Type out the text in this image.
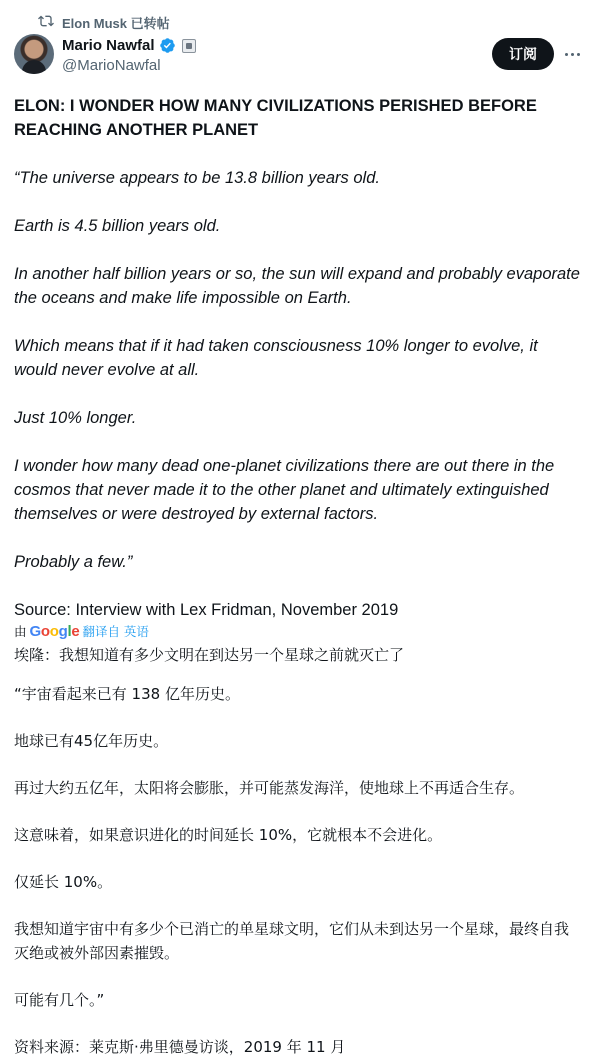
Elon Musk 已转帖
Mario Nawfal
@MarioNawfal
订阅

ELON: I WONDER HOW MANY CIVILIZATIONS PERISHED BEFORE REACHING ANOTHER PLANET

“The universe appears to be 13.8 billion years old.

Earth is 4.5 billion years old.

In another half billion years or so, the sun will expand and probably evaporate the oceans and make life impossible on Earth.

Which means that if it had taken consciousness 10% longer to evolve, it would never evolve at all.

Just 10% longer.

I wonder how many dead one-planet civilizations there are out there in the cosmos that never made it to the other planet and ultimately extinguished themselves or were destroyed by external factors.

Probably a few.”

Source: Interview with Lex Fridman, November 2019

由 Google 翻译自 英语

埃隆：我想知道有多少文明在到达另一个星球之前就灭亡了

“宇宙看起来已有 138 亿年历史。

地球已有45亿年历史。

再过大约五亿年，太阳将会膨胀，并可能蒸发海洋，使地球上不再适合生存。

这意味着，如果意识进化的时间延长 10%，它就根本不会进化。

仅延长 10%。

我想知道宇宙中有多少个已消亡的单星球文明，它们从未到达另一个星球，最终自我灭绝或被外部因素摧毁。

可能有几个。”

资料来源：莱克斯·弗里德曼访谈，2019 年 11 月
